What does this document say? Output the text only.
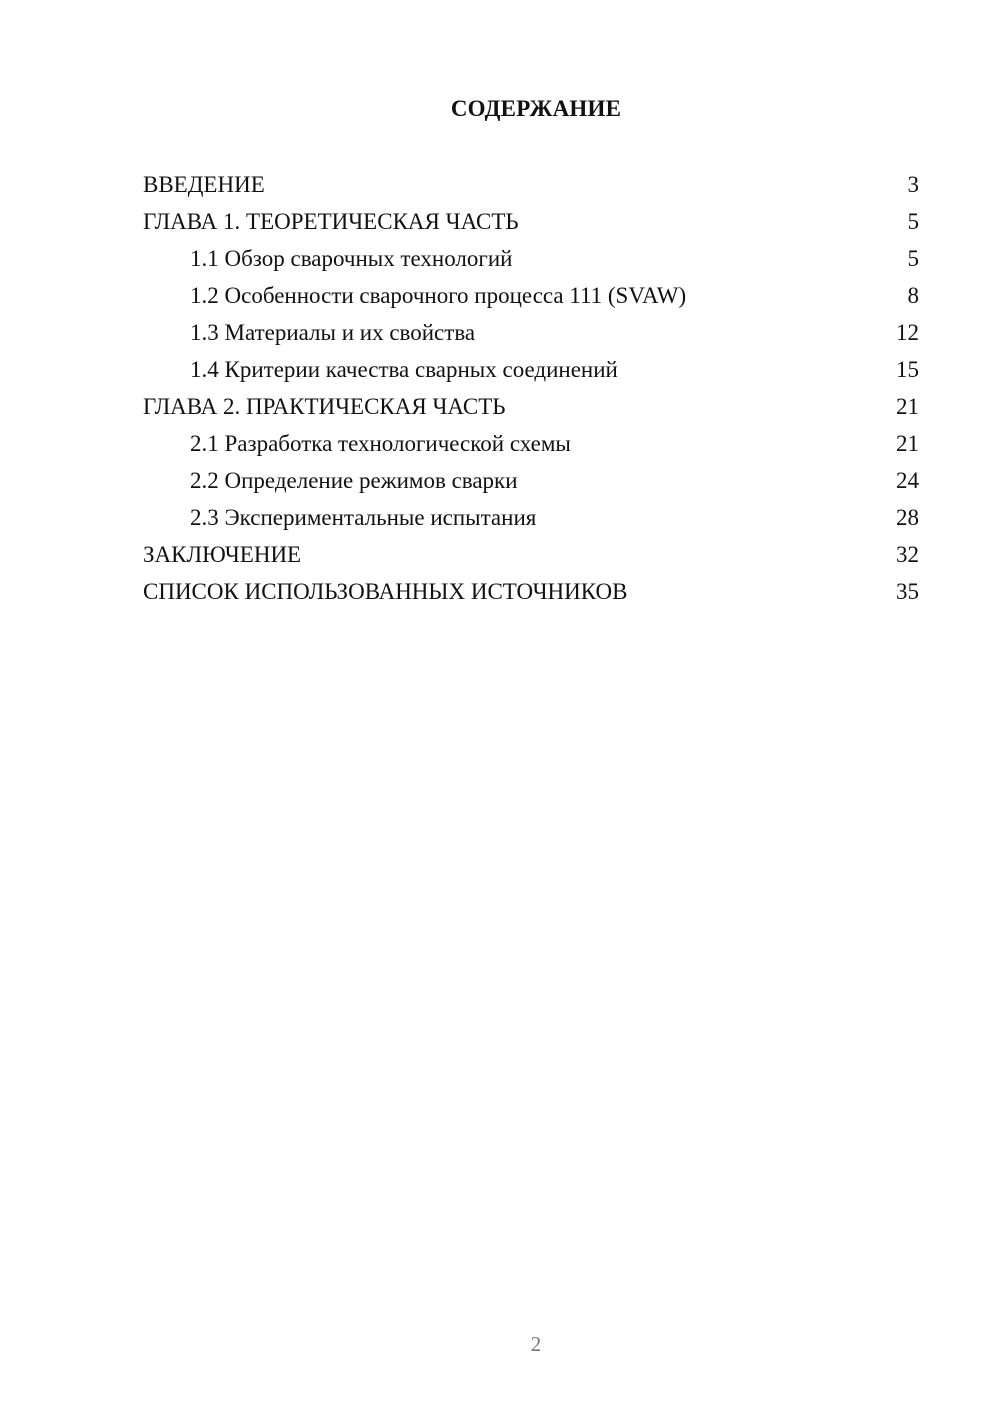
СОДЕРЖАНИЕ
ВВЕДЕНИЕ	3
ГЛАВА 1. ТЕОРЕТИЧЕСКАЯ ЧАСТЬ	5
1.1 Обзор сварочных технологий	5
1.2 Особенности сварочного процесса 111 (SVAW)	8
1.3 Материалы и их свойства	12
1.4 Критерии качества сварных соединений	15
ГЛАВА 2. ПРАКТИЧЕСКАЯ ЧАСТЬ	21
2.1 Разработка технологической схемы	21
2.2 Определение режимов сварки	24
2.3 Экспериментальные испытания	28
ЗАКЛЮЧЕНИЕ	32
СПИСОК ИСПОЛЬЗОВАННЫХ ИСТОЧНИКОВ	35
2
